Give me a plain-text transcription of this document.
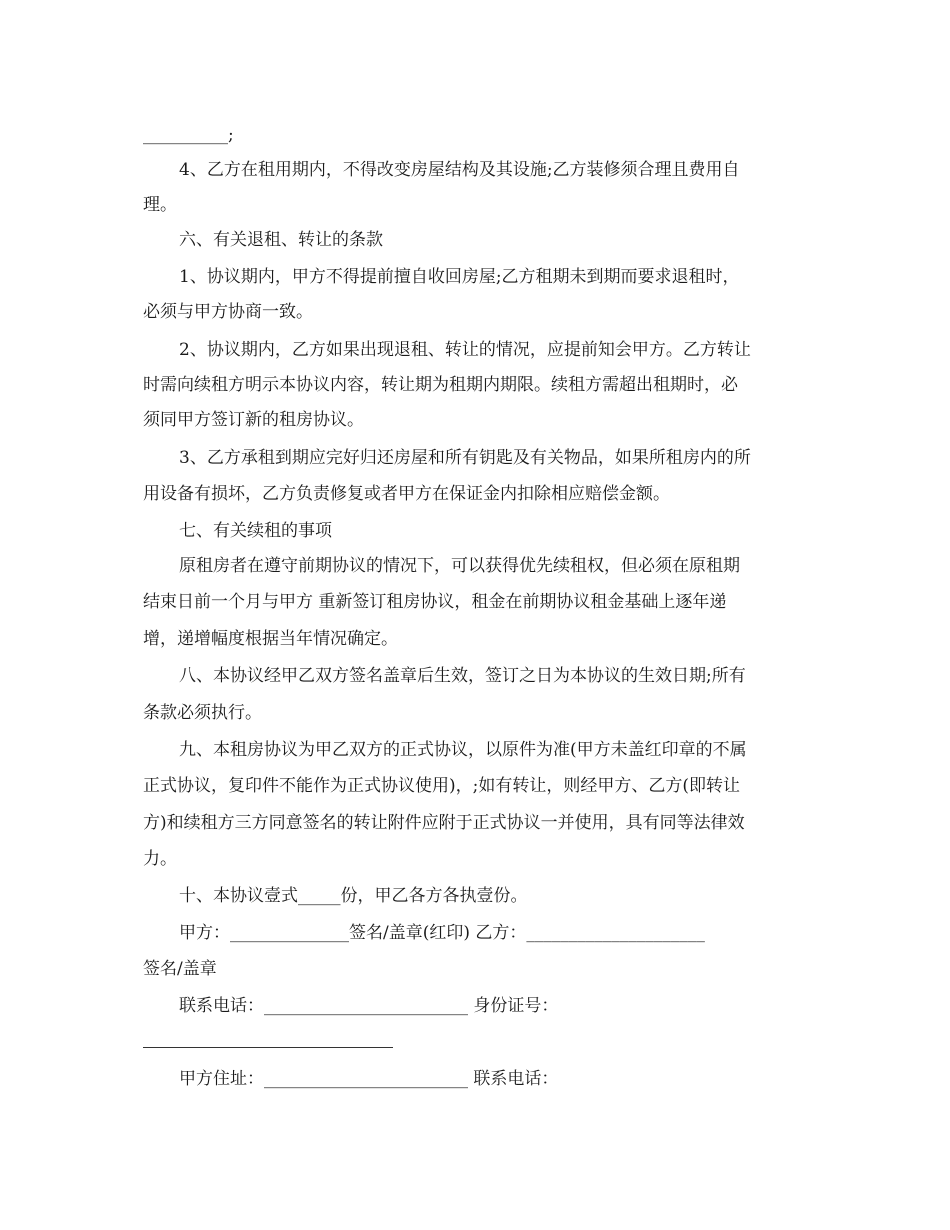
__________;
4、乙方在租用期内，不得改变房屋结构及其设施;乙方装修须合理且费用自
理。
六、有关退租、转让的条款
1、协议期内，甲方不得提前擅自收回房屋;乙方租期未到期而要求退租时，
必须与甲方协商一致。
2、协议期内，乙方如果出现退租、转让的情况，应提前知会甲方。乙方转让
时需向续租方明示本协议内容，转让期为租期内期限。续租方需超出租期时，必
须同甲方签订新的租房协议。
3、乙方承租到期应完好归还房屋和所有钥匙及有关物品，如果所租房内的所
用设备有损坏，乙方负责修复或者甲方在保证金内扣除相应赔偿金额。
七、有关续租的事项
原租房者在遵守前期协议的情况下，可以获得优先续租权，但必须在原租期
结束日前一个月与甲方 重新签订租房协议，租金在前期协议租金基础上逐年递
增，递增幅度根据当年情况确定。
八、本协议经甲乙双方签名盖章后生效，签订之日为本协议的生效日期;所有
条款必须执行。
九、本租房协议为甲乙双方的正式协议，以原件为准(甲方未盖红印章的不属
正式协议，复印件不能作为正式协议使用)，;如有转让，则经甲方、乙方(即转让
方)和续租方三方同意签名的转让附件应附于正式协议一并使用，具有同等法律效
力。
十、本协议壹式_____份，甲乙各方各执壹份。
甲方：______________签名/盖章(红印) 乙方：_____________________
签名/盖章
联系电话：________________________ 身份证号：
甲方住址：________________________ 联系电话：
